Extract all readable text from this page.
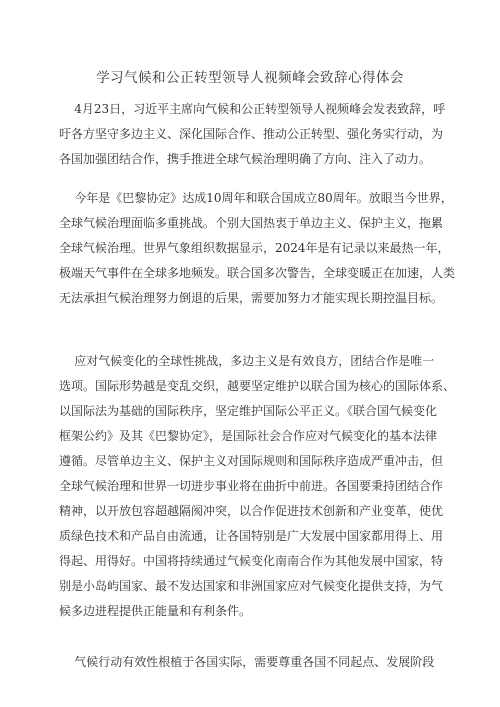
学习气候和公正转型领导人视频峰会致辞心得体会
4月23日，习近平主席向气候和公正转型领导人视频峰会发表致辞，呼
吁各方坚守多边主义、深化国际合作、推动公正转型、强化务实行动，为
各国加强团结合作，携手推进全球气候治理明确了方向、注入了动力。
今年是《巴黎协定》达成10周年和联合国成立80周年。放眼当今世界，
全球气候治理面临多重挑战。个别大国热衷于单边主义、保护主义，拖累
全球气候治理。世界气象组织数据显示，2024年是有记录以来最热一年，
极端天气事件在全球多地频发。联合国多次警告，全球变暖正在加速，人类
无法承担气候治理努力倒退的后果，需要加努力才能实现长期控温目标。
应对气候变化的全球性挑战，多边主义是有效良方，团结合作是唯一
选项。国际形势越是变乱交织，越要坚定维护以联合国为核心的国际体系、
以国际法为基础的国际秩序，坚定维护国际公平正义。《联合国气候变化
框架公约》及其《巴黎协定》，是国际社会合作应对气候变化的基本法律
遵循。尽管单边主义、保护主义对国际规则和国际秩序造成严重冲击，但
全球气候治理和世界一切进步事业将在曲折中前进。各国要秉持团结合作
精神，以开放包容超越隔阂冲突，以合作促进技术创新和产业变革，使优
质绿色技术和产品自由流通，让各国特别是广大发展中国家都用得上、用
得起、用得好。中国将持续通过气候变化南南合作为其他发展中国家，特
别是小岛屿国家、最不发达国家和非洲国家应对气候变化提供支持，为气
候多边进程提供正能量和有利条件。
气候行动有效性根植于各国实际，需要尊重各国不同起点、发展阶段
